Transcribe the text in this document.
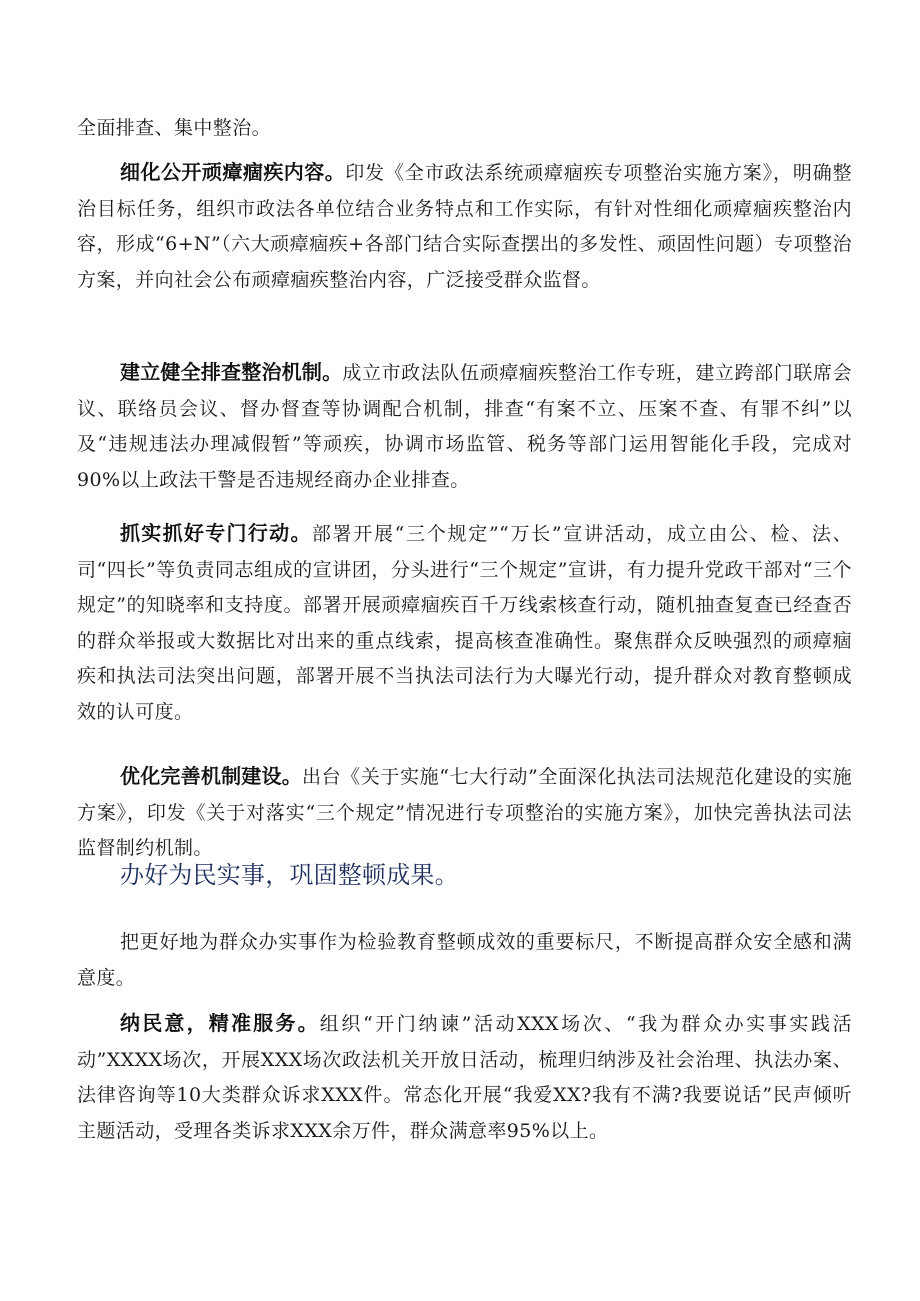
全面排查、集中整治。

细化公开顽瘴痼疾内容。印发《全市政法系统顽瘴痼疾专项整治实施方案》，明确整治目标任务，组织市政法各单位结合业务特点和工作实际，有针对性细化顽瘴痼疾整治内容，形成“6+N”（六大顽瘴痼疾+各部门结合实际查摆出的多发性、顽固性问题）专项整治方案，并向社会公布顽瘴痼疾整治内容，广泛接受群众监督。

建立健全排查整治机制。成立市政法队伍顽瘴痼疾整治工作专班，建立跨部门联席会议、联络员会议、督办督查等协调配合机制，排查“有案不立、压案不查、有罪不纠”以及“违规违法办理减假暂”等顽疾，协调市场监管、税务等部门运用智能化手段，完成对90%以上政法干警是否违规经商办企业排查。

抓实抓好专门行动。部署开展“三个规定”“万长”宣讲活动，成立由公、检、法、司“四长”等负责同志组成的宣讲团，分头进行“三个规定”宣讲，有力提升党政干部对“三个规定”的知晓率和支持度。部署开展顽瘴痼疾百千万线索核查行动，随机抽查复查已经查否的群众举报或大数据比对出来的重点线索，提高核查准确性。聚焦群众反映强烈的顽瘴痼疾和执法司法突出问题，部署开展不当执法司法行为大曝光行动，提升群众对教育整顿成效的认可度。

优化完善机制建设。出台《关于实施“七大行动”全面深化执法司法规范化建设的实施方案》，印发《关于对落实“三个规定”情况进行专项整治的实施方案》，加快完善执法司法监督制约机制。

办好为民实事，巩固整顿成果。

把更好地为群众办实事作为检验教育整顿成效的重要标尺，不断提高群众安全感和满意度。

纳民意，精准服务。组织“开门纳谏”活动XXX场次、“我为群众办实事实践活动”XXXX场次，开展XXX场次政法机关开放日活动，梳理归纳涉及社会治理、执法办案、法律咨询等10大类群众诉求XXX件。常态化开展“我爱XX?我有不满?我要说话”民声倾听主题活动，受理各类诉求XXX余万件，群众满意率95%以上。
